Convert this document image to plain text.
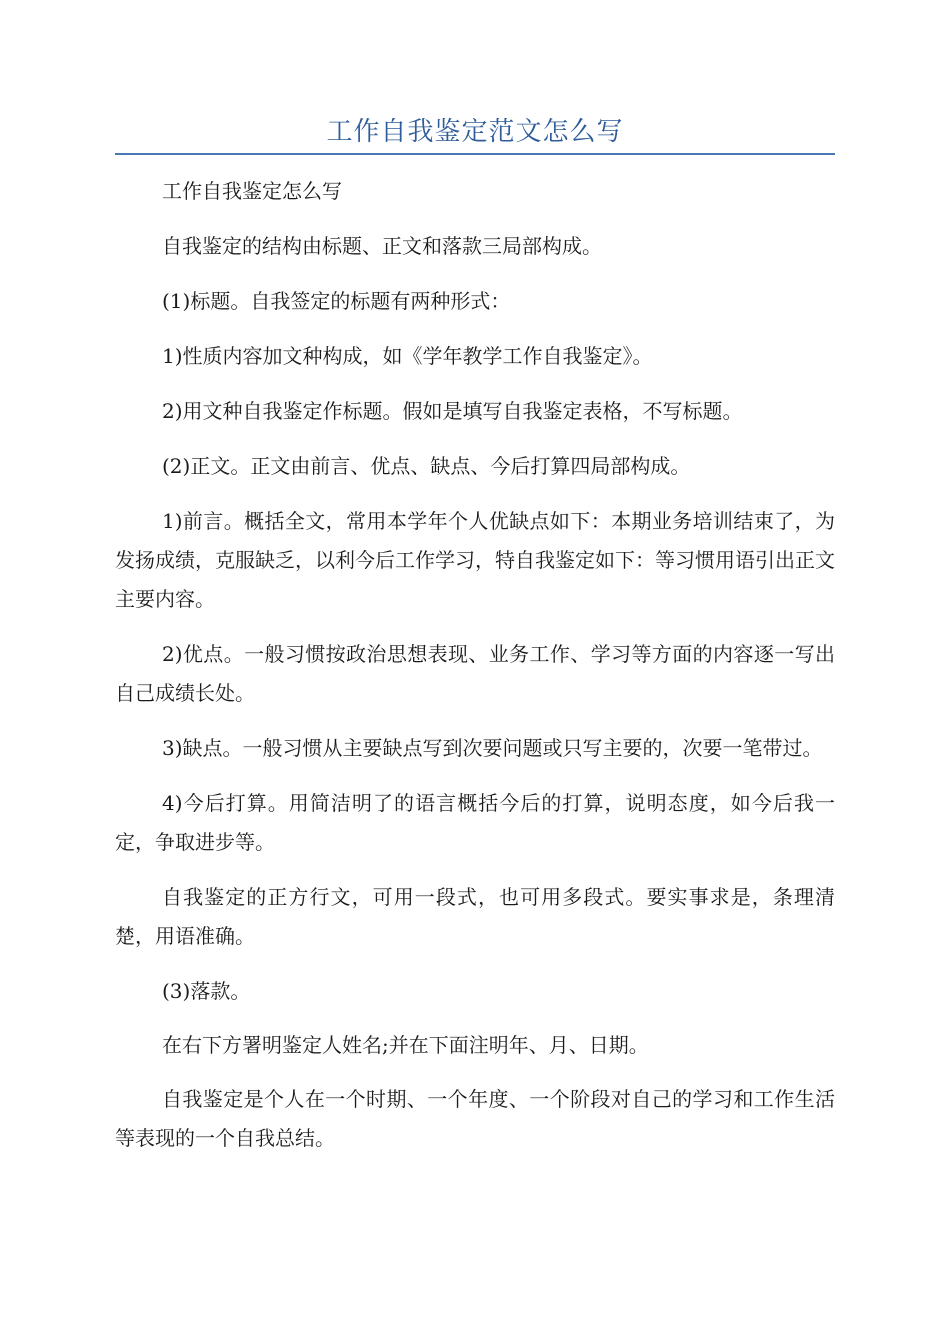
工作自我鉴定范文怎么写

工作自我鉴定怎么写

自我鉴定的结构由标题、正文和落款三局部构成。

(1)标题。自我签定的标题有两种形式：

1)性质内容加文种构成，如《学年教学工作自我鉴定》。

2)用文种自我鉴定作标题。假如是填写自我鉴定表格，不写标题。

(2)正文。正文由前言、优点、缺点、今后打算四局部构成。

1)前言。概括全文，常用本学年个人优缺点如下：本期业务培训结束了，为发扬成绩，克服缺乏，以利今后工作学习，特自我鉴定如下：等习惯用语引出正文主要内容。

2)优点。一般习惯按政治思想表现、业务工作、学习等方面的内容逐一写出自己成绩长处。

3)缺点。一般习惯从主要缺点写到次要问题或只写主要的，次要一笔带过。

4)今后打算。用简洁明了的语言概括今后的打算，说明态度，如今后我一定，争取进步等。

自我鉴定的正方行文，可用一段式，也可用多段式。要实事求是，条理清楚，用语准确。

(3)落款。

在右下方署明鉴定人姓名;并在下面注明年、月、日期。

自我鉴定是个人在一个时期、一个年度、一个阶段对自己的学习和工作生活等表现的一个自我总结。
